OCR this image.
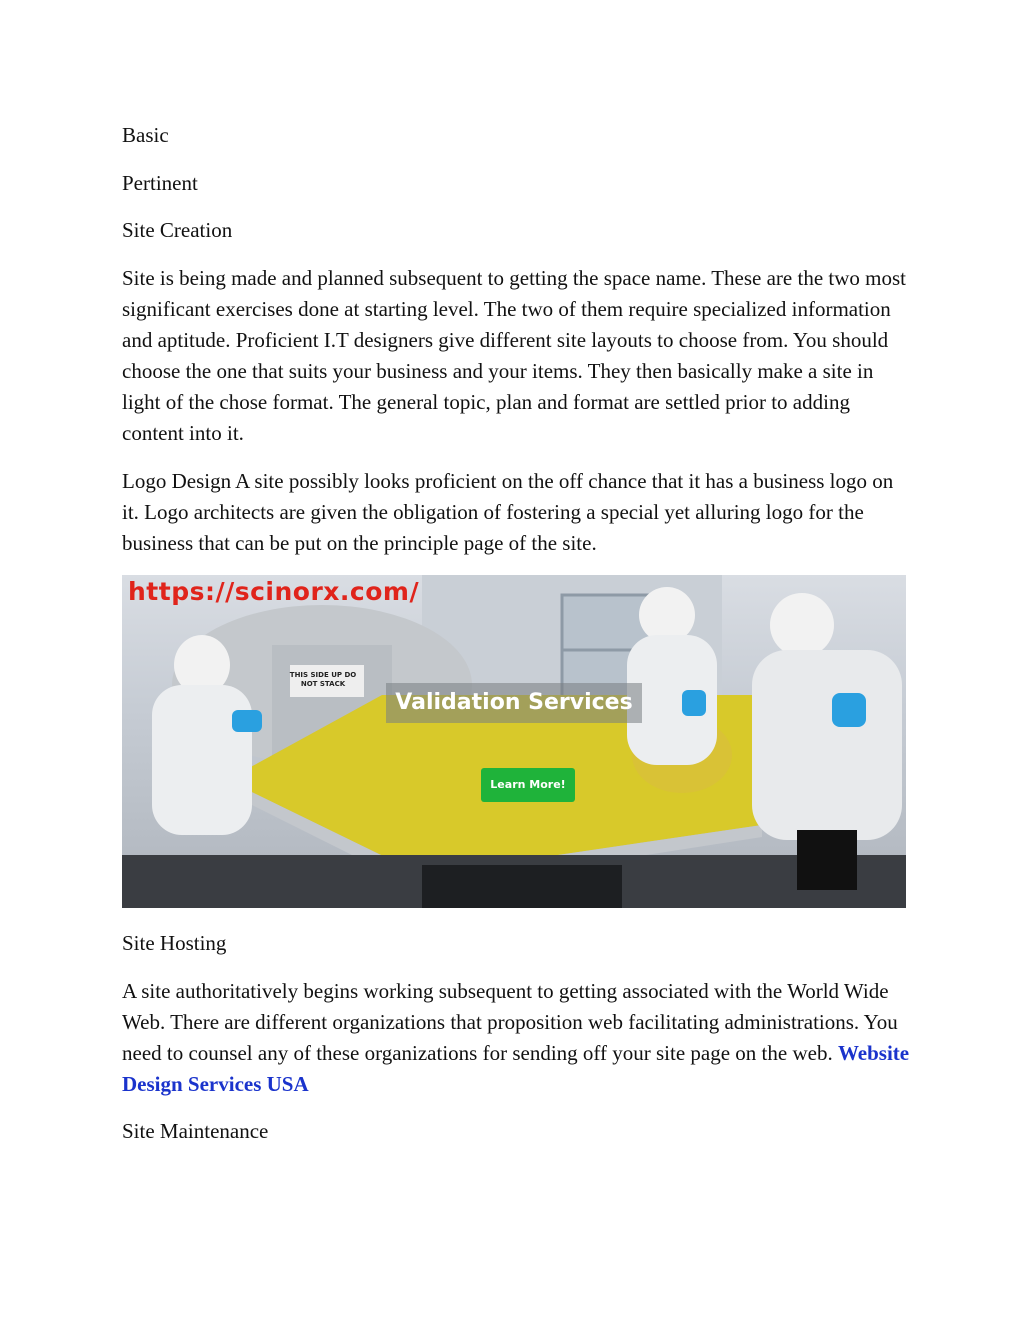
Basic

Pertinent

Site Creation

Site is being made and planned subsequent to getting the space name. These are the two most significant exercises done at starting level. The two of them require specialized information and aptitude. Proficient I.T designers give different site layouts to choose from. You should choose the one that suits your business and your items. They then basically make a site in light of the chose format. The general topic, plan and format are settled prior to adding content into it.

Logo Design A site possibly looks proficient on the off chance that it has a business logo on it. Logo architects are given the obligation of fostering a special yet alluring logo for the business that can be put on the principle page of the site.

https://scinorx.com/
THIS SIDE UP DO NOT STACK
Validation Services
Learn More!

Site Hosting

A site authoritatively begins working subsequent to getting associated with the World Wide Web. There are different organizations that proposition web facilitating administrations. You need to counsel any of these organizations for sending off your site page on the web. Website Design Services USA

Site Maintenance
